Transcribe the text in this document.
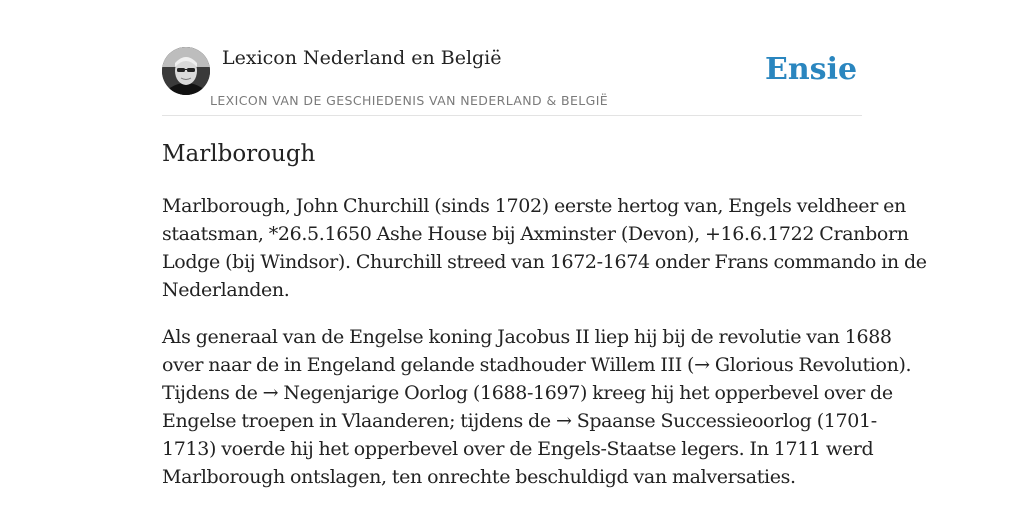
Lexicon Nederland en België
LEXICON VAN DE GESCHIEDENIS VAN NEDERLAND & BELGIË
Ensie
Marlborough

Marlborough, John Churchill (sinds 1702) eerste hertog van, Engels veldheer en
staatsman, *26.5.1650 Ashe House bij Axminster (Devon), +16.6.1722 Cranborn
Lodge (bij Windsor). Churchill streed van 1672-1674 onder Frans commando in de
Nederlanden.

Als generaal van de Engelse koning Jacobus II liep hij bij de revolutie van 1688
over naar de in Engeland gelande stadhouder Willem III (→ Glorious Revolution).
Tijdens de → Negenjarige Oorlog (1688-1697) kreeg hij het opperbevel over de
Engelse troepen in Vlaanderen; tijdens de → Spaanse Successieoorlog (1701-
1713) voerde hij het opperbevel over de Engels-Staatse legers. In 1711 werd
Marlborough ontslagen, ten onrechte beschuldigd van malversaties.
